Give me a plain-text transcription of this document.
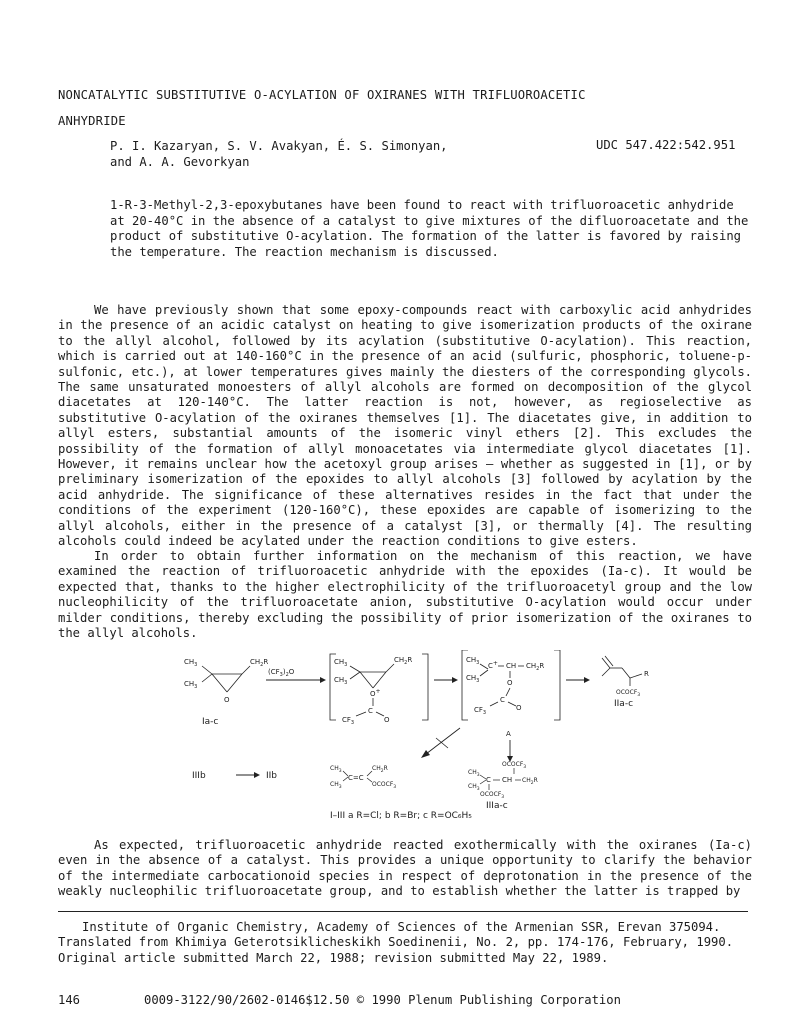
NONCATALYTIC SUBSTITUTIVE O-ACYLATION OF OXIRANES WITH TRIFLUOROACETIC
ANHYDRIDE
P. I. Kazaryan, S. V. Avakyan, É. S. Simonyan,
and A. A. Gevorkyan
UDC 547.422:542.951
1-R-3-Methyl-2,3-epoxybutanes have been found to react with trifluoroacetic anhydride at 20-40°C in the absence of a catalyst to give mixtures of the difluoroacetate and the product of substitutive O-acylation. The formation of the latter is favored by raising the temperature. The reaction mechanism is discussed.

We have previously shown that some epoxy-compounds react with carboxylic acid anhydrides in the presence of an acidic catalyst on heating to give isomerization products of the oxirane to the allyl alcohol, followed by its acylation (substitutive O-acylation). This reaction, which is carried out at 140-160°C in the presence of an acid (sulfuric, phosphoric, toluene-p-sulfonic, etc.), at lower temperatures gives mainly the diesters of the corresponding glycols. The same unsaturated monoesters of allyl alcohols are formed on decomposition of the glycol diacetates at 120-140°C. The latter reaction is not, however, as regioselective as substitutive O-acylation of the oxiranes themselves [1]. The diacetates give, in addition to allyl esters, substantial amounts of the isomeric vinyl ethers [2]. This excludes the possibility of the formation of allyl monoacetates via intermediate glycol diacetates [1]. However, it remains unclear how the acetoxyl group arises – whether as suggested in [1], or by preliminary isomerization of the epoxides to allyl alcohols [3] followed by acylation by the acid anhydride. The significance of these alternatives resides in the fact that under the conditions of the experiment (120-160°C), these epoxides are capable of isomerizing to the allyl alcohols, either in the presence of a catalyst [3], or thermally [4]. The resulting alcohols could indeed be acylated under the reaction conditions to give esters.

In order to obtain further information on the mechanism of this reaction, we have examined the reaction of trifluoroacetic anhydride with the epoxides (Ia-c). It would be expected that, thanks to the higher electrophilicity of the trifluoroacetyl group and the low nucleophilicity of the trifluoroacetate anion, substitutive O-acylation would occur under milder conditions, thereby excluding the possibility of prior isomerization of the oxiranes to the allyl alcohols.

$CH_3$
$CH_3$
$CH_2R$
O
Ia-c
$(CF_3)_2O$
$CH_3$
$CH_3$
$CH_2R$
O+
C
$CF_3$	O
$CH_3$
$CH_3$
C+ CH $CH_2R$
O
C
$CF_3$
O
R
$OCOCF_3$
IIa-c
A
IIIb	IIb
$CH_3$
$CH_3$
C=C
$CH_2R$
$OCOCF_3$
$OCOCF_3$
$CH_3$
$CH_3$
C CH $CH_2R$
$OCOCF_3$
IIIa-c
I–III a R=Cl; b R=Br; c R=OC₆H₅

As expected, trifluoroacetic anhydride reacted exothermically with the oxiranes (Ia-c) even in the absence of a catalyst. This provides a unique opportunity to clarify the behavior of the intermediate carbocationoid species in respect of deprotonation in the presence of the weakly nucleophilic trifluoroacetate group, and to establish whether the latter is trapped by

Institute of Organic Chemistry, Academy of Sciences of the Armenian SSR, Erevan 375094. Translated from Khimiya Geterotsiklicheskikh Soedinenii, No. 2, pp. 174-176, February, 1990. Original article submitted March 22, 1988; revision submitted May 22, 1989.

146	0009-3122/90/2602-0146$12.50 © 1990 Plenum Publishing Corporation
